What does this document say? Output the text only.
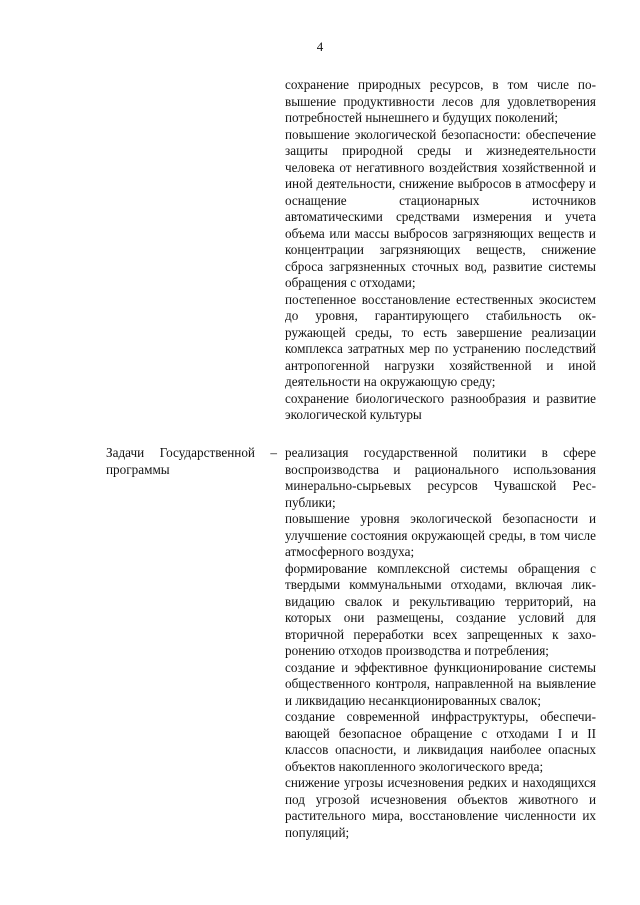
4

сохранение природных ресурсов, в том числе повышение продуктивности лесов для удовлетворения потребностей нынешнего и будущих поколений;

повышение экологической безопасности: обеспечение защиты природной среды и жизнедеятельности человека от негативного воздействия хозяйственной и иной деятельности, снижение выбросов в атмосферу и оснащение стационарных источников автоматическими средствами измерения и учета объема или массы выбросов загрязняющих веществ и концентрации загрязняющих веществ, снижение сброса загрязненных сточных вод, развитие системы обращения с отходами;

постепенное восстановление естественных экосистем до уровня, гарантирующего стабильность окружающей среды, то есть завершение реализации комплекса затратных мер по устранению последствий антропогенной нагрузки хозяйственной и иной деятельности на окружающую среду;

сохранение биологического разнообразия и развитие экологической культуры

Задачи Государственной –
программы

реализация государственной политики в сфере воспроизводства и рационального использования минерально-сырьевых ресурсов Чувашской Республики;

повышение уровня экологической безопасности и улучшение состояния окружающей среды, в том числе атмосферного воздуха;

формирование комплексной системы обращения с твердыми коммунальными отходами, включая ликвидацию свалок и рекультивацию территорий, на которых они размещены, создание условий для вторичной переработки всех запрещенных к захоронению отходов производства и потребления;

создание и эффективное функционирование системы общественного контроля, направленной на выявление и ликвидацию несанкционированных свалок;

создание современной инфраструктуры, обеспечивающей безопасное обращение с отходами I и II классов опасности, и ликвидация наиболее опасных объектов накопленного экологического вреда;

снижение угрозы исчезновения редких и находящихся под угрозой исчезновения объектов животного и растительного мира, восстановление численности их популяций;
